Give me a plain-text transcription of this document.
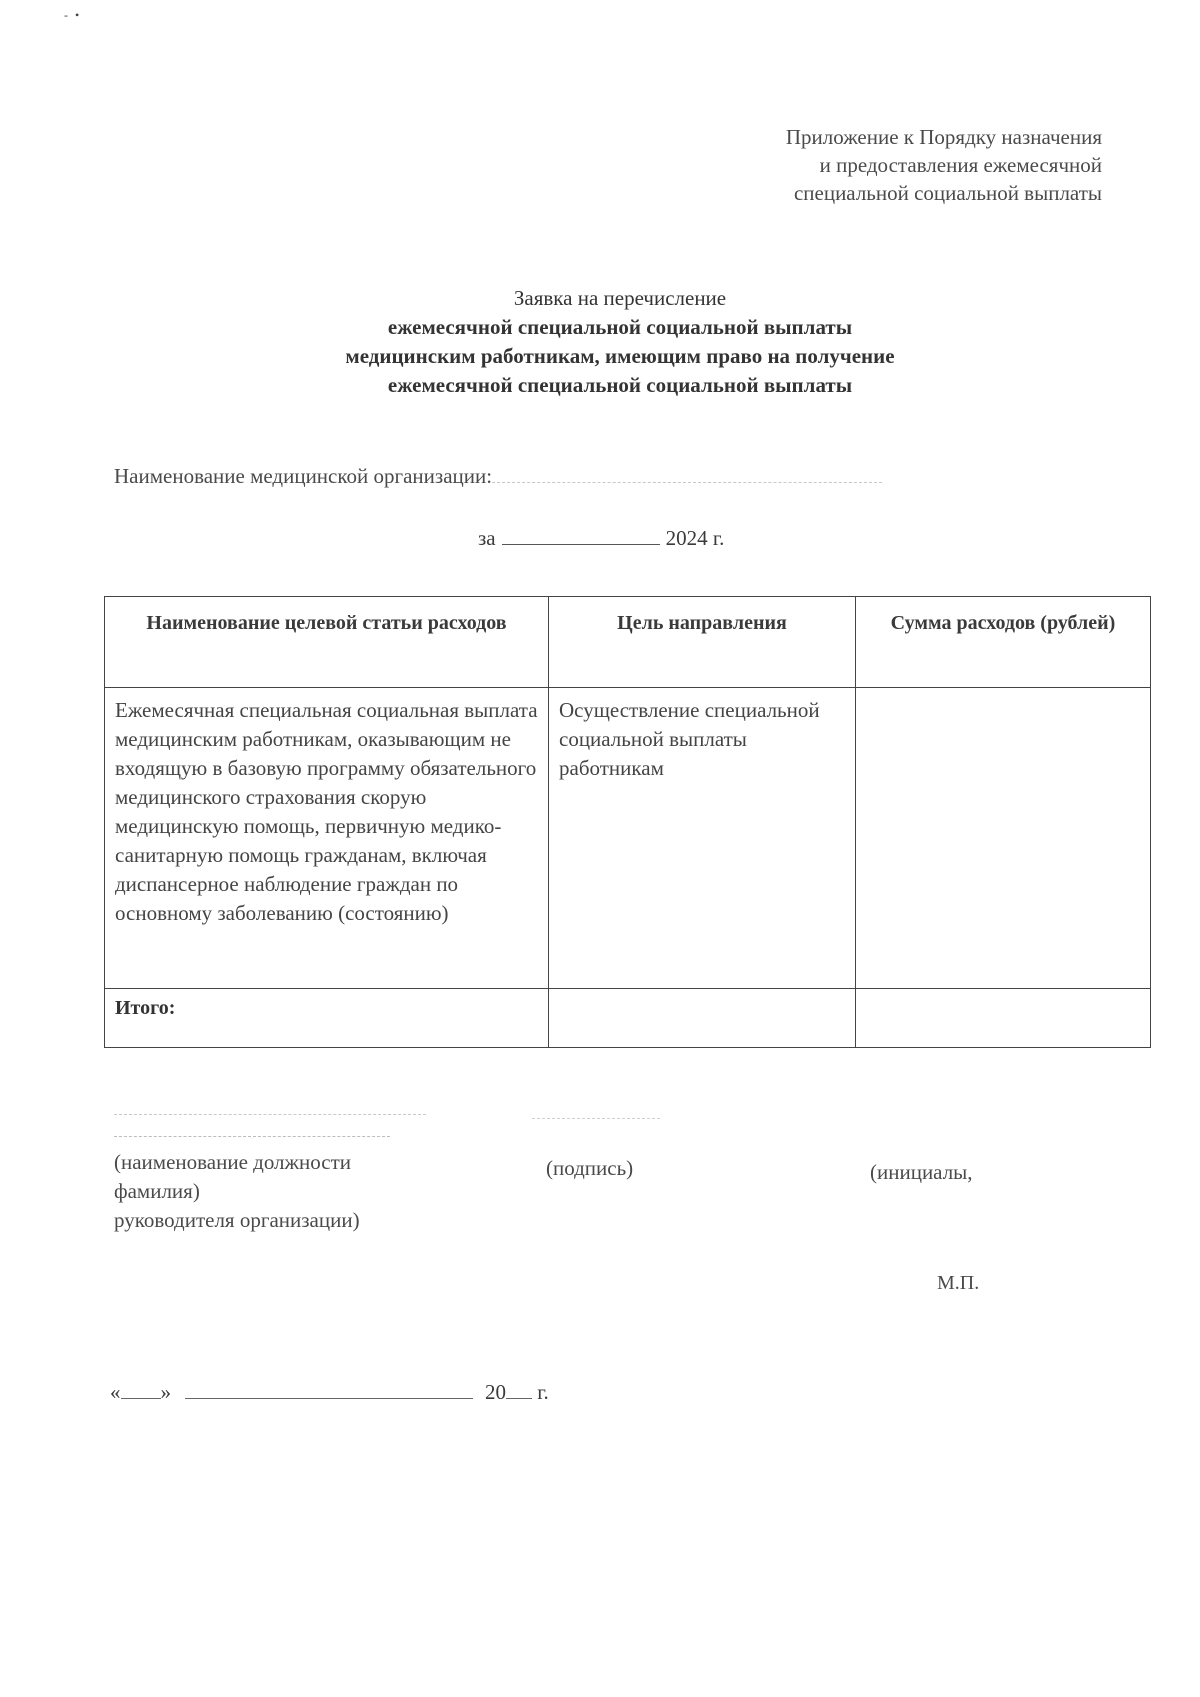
- •
Приложение к Порядку назначения
и предоставления ежемесячной
специальной социальной выплаты
Заявка на перечисление
ежемесячной специальной социальной выплаты
медицинским работникам, имеющим право на получение
ежемесячной специальной социальной выплаты
Наименование медицинской организации:
за	2024 г.
Наименование целевой статьи расходов	Цель направления	Сумма расходов (рублей)
Ежемесячная специальная социальная выплата медицинским работникам, оказывающим не входящую в базовую программу обязательного медицинского страхования скорую медицинскую помощь, первичную медико-санитарную помощь гражданам, включая диспансерное наблюдение граждан по основному заболеванию (состоянию)	Осуществление специальной социальной выплаты работникам	
Итого:		
(наименование должности
фамилия)
руководителя организации)
(подпись)	(инициалы,
М.П.
« »	20 г.
